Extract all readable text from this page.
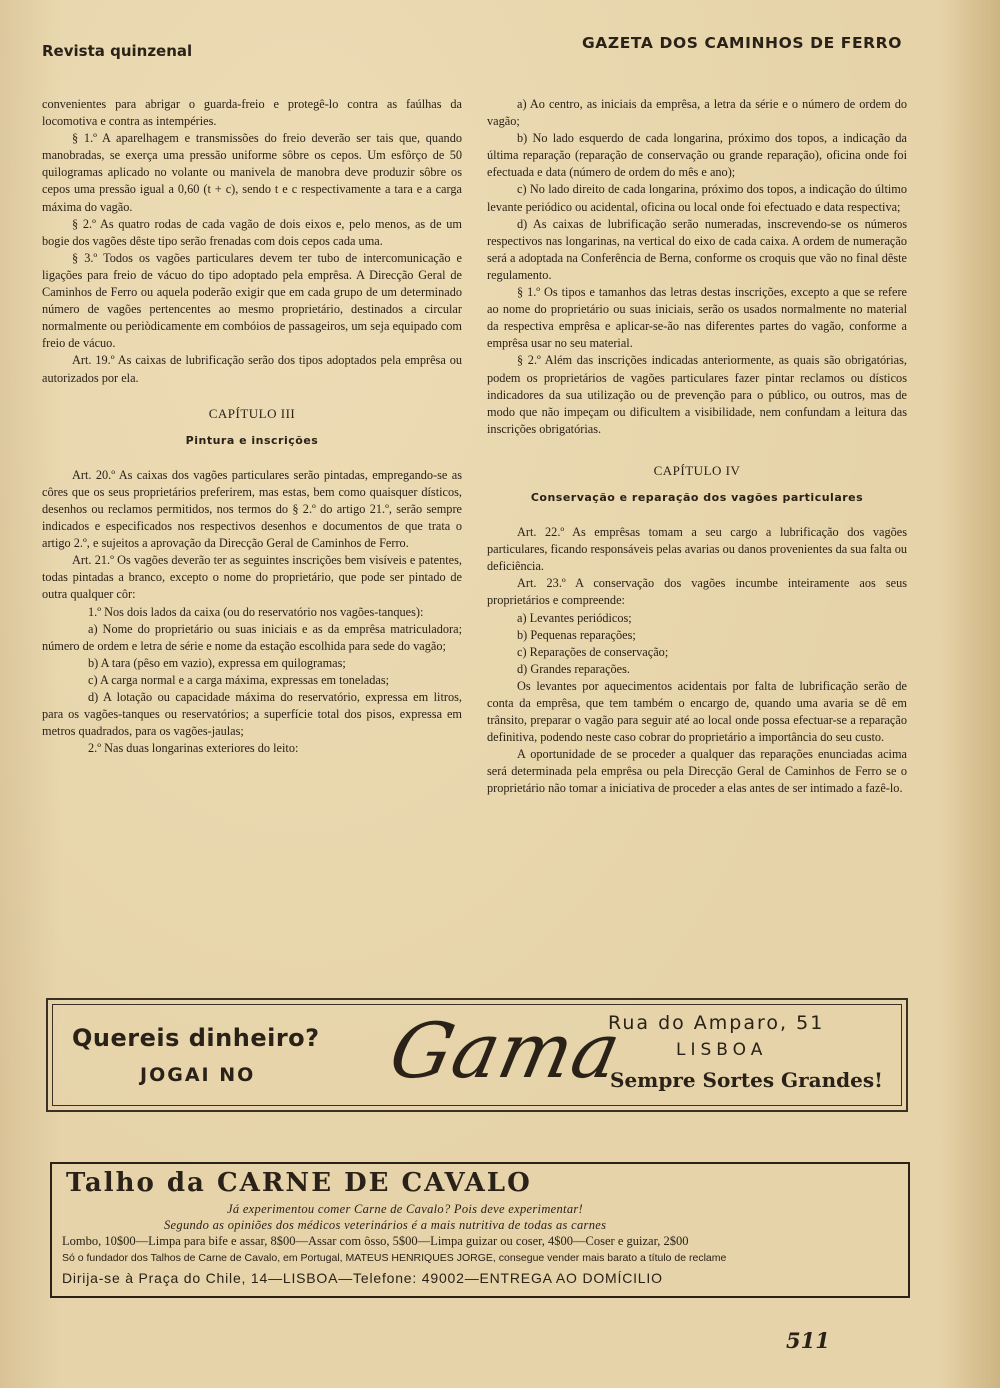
Revista quinzenal	GAZETA DOS CAMINHOS DE FERRO

convenientes para abrigar o guarda-freio e protegê-lo contra as faúlhas da locomotiva e contra as intempéries.

§ 1.º A aparelhagem e transmissões do freio deverão ser tais que, quando manobradas, se exerça uma pressão uniforme sôbre os cepos. Um esfôrço de 50 quilogramas aplicado no volante ou manivela de manobra deve produzir sôbre os cepos uma pressão igual a 0,60 (t + c), sendo t e c respectivamente a tara e a carga máxima do vagão.

§ 2.º As quatro rodas de cada vagão de dois eixos e, pelo menos, as de um bogie dos vagões dêste tipo serão frenadas com dois cepos cada uma.

§ 3.º Todos os vagões particulares devem ter tubo de intercomunicação e ligações para freio de vácuo do tipo adoptado pela emprêsa. A Direcção Geral de Caminhos de Ferro ou aquela poderão exigir que em cada grupo de um determinado número de vagões pertencentes ao mesmo proprietário, destinados a circular normalmente ou periòdicamente em combóios de passageiros, um seja equipado com freio de vácuo.

Art. 19.º As caixas de lubrificação serão dos tipos adoptados pela emprêsa ou autorizados por ela.

CAPÍTULO III

Pintura e inscrições

Art. 20.º As caixas dos vagões particulares serão pintadas, empregando-se as côres que os seus proprietários preferirem, mas estas, bem como quaisquer dísticos, desenhos ou reclamos permitidos, nos termos do § 2.º do artigo 21.º, serão sempre indicados e especificados nos respectivos desenhos e documentos de que trata o artigo 2.º, e sujeitos a aprovação da Direcção Geral de Caminhos de Ferro.

Art. 21.º Os vagões deverão ter as seguintes inscrições bem visíveis e patentes, todas pintadas a branco, excepto o nome do proprietário, que pode ser pintado de outra qualquer côr:

1.º Nos dois lados da caixa (ou do reservatório nos vagões-tanques):

a) Nome do proprietário ou suas iniciais e as da emprêsa matriculadora; número de ordem e letra de série e nome da estação escolhida para sede do vagão;

b) A tara (pêso em vazio), expressa em quilogramas;

c) A carga normal e a carga máxima, expressas em toneladas;

d) A lotação ou capacidade máxima do reservatório, expressa em litros, para os vagões-tanques ou reservatórios; a superfície total dos pisos, expressa em metros quadrados, para os vagões-jaulas;

2.º Nas duas longarinas exteriores do leito:

a) Ao centro, as iniciais da emprêsa, a letra da série e o número de ordem do vagão;

b) No lado esquerdo de cada longarina, próximo dos topos, a indicação da última reparação (reparação de conservação ou grande reparação), oficina onde foi efectuada e data (número de ordem do mês e ano);

c) No lado direito de cada longarina, próximo dos topos, a indicação do último levante periódico ou acidental, oficina ou local onde foi efectuado e data respectiva;

d) As caixas de lubrificação serão numeradas, inscrevendo-se os números respectivos nas longarinas, na vertical do eixo de cada caixa. A ordem de numeração será a adoptada na Conferência de Berna, conforme os croquis que vão no final dêste regulamento.

§ 1.º Os tipos e tamanhos das letras destas inscrições, excepto a que se refere ao nome do proprietário ou suas iniciais, serão os usados normalmente no material da respectiva emprêsa e aplicar-se-ão nas diferentes partes do vagão, conforme a emprêsa usar no seu material.

§ 2.º Além das inscrições indicadas anteriormente, as quais são obrigatórias, podem os proprietários de vagões particulares fazer pintar reclamos ou dísticos indicadores da sua utilização ou de prevenção para o público, ou outros, mas de modo que não impeçam ou dificultem a visibilidade, nem confundam a leitura das inscrições obrigatórias.

CAPÍTULO IV

Conservação e reparação dos vagões particulares

Art. 22.º As emprêsas tomam a seu cargo a lubrificação dos vagões particulares, ficando responsáveis pelas avarias ou danos provenientes da sua falta ou deficiência.

Art. 23.º A conservação dos vagões incumbe inteiramente aos seus proprietários e compreende:

a) Levantes periódicos;

b) Pequenas reparações;

c) Reparações de conservação;

d) Grandes reparações.

Os levantes por aquecimentos acidentais por falta de lubrificação serão de conta da emprêsa, que tem também o encargo de, quando uma avaria se dê em trânsito, preparar o vagão para seguir até ao local onde possa efectuar-se a reparação definitiva, podendo neste caso cobrar do proprietário a importância do seu custo.

A oportunidade de se proceder a qualquer das reparações enunciadas acima será determinada pela emprêsa ou pela Direcção Geral de Caminhos de Ferro se o proprietário não tomar a iniciativa de proceder a elas antes de ser intimado a fazê-lo.

Quereis dinheiro?
JOGAI NO Gama
Rua do Amparo, 51
LISBOA
Sempre Sortes Grandes!
Talho da CARNE DE CAVALO
Já experimentou comer Carne de Cavalo? Pois deve experimentar!
Segundo as opiniões dos médicos veterinários é a mais nutritiva de todas as carnes
Lombo, 10$00—Limpa para bife e assar, 8$00—Assar com ôsso, 5$00—Limpa guizar ou coser, 4$00—Coser e guizar, 2$00
Só o fundador dos Talhos de Carne de Cavalo, em Portugal, MATEUS HENRIQUES JORGE, consegue vender mais barato a título de reclame
Dirija-se à Praça do Chile, 14—LISBOA—Telefone: 49002—ENTREGA AO DOMÍCILIO
511
